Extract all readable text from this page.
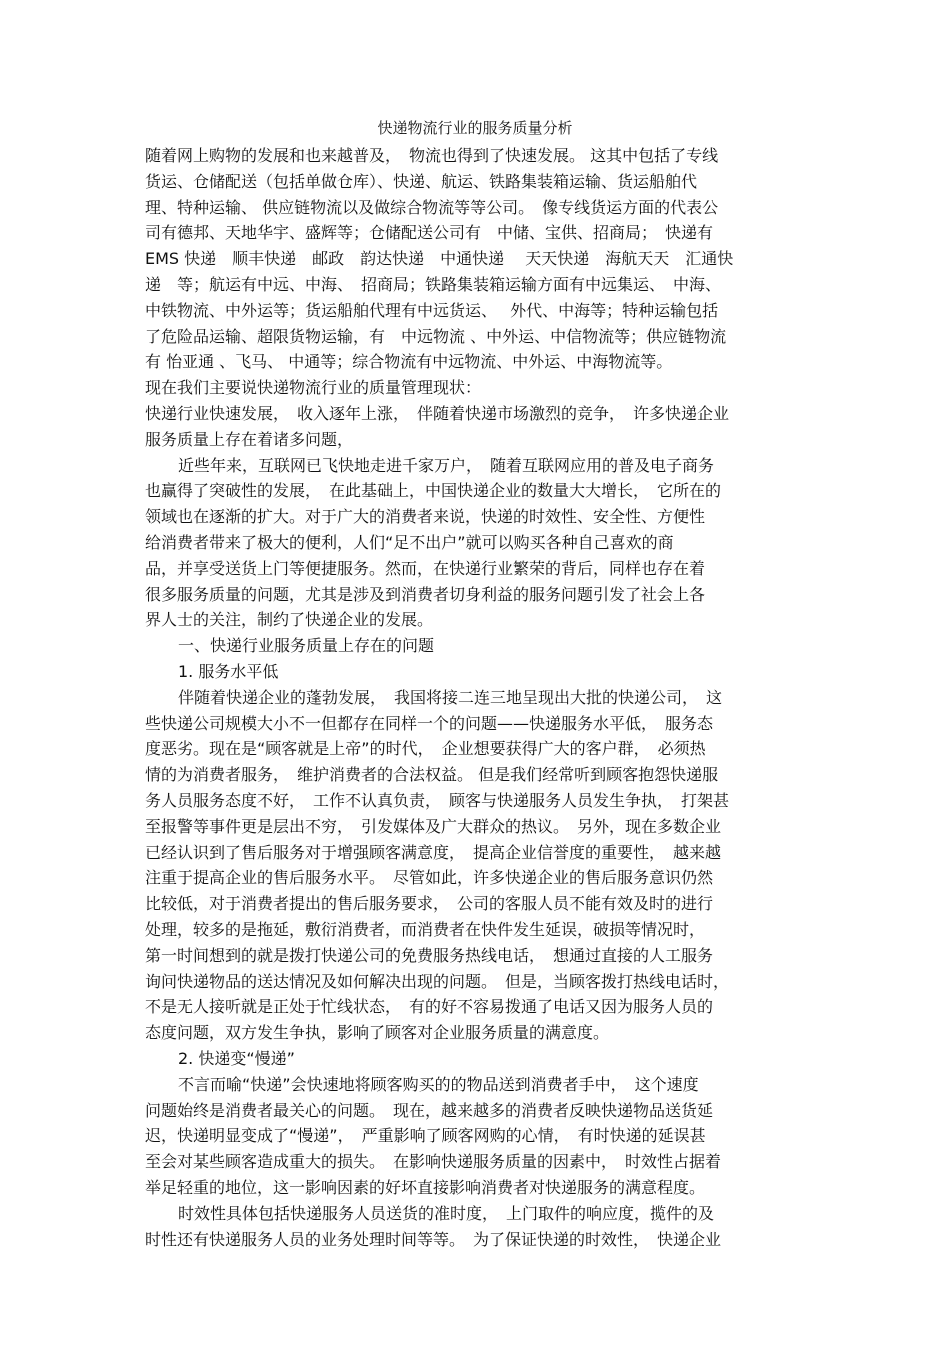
快递物流行业的服务质量分析
随着网上购物的发展和也来越普及，　物流也得到了快速发展。 这其中包括了专线
货运、仓储配送（包括单做仓库）、快递、航运、铁路集装箱运输、货运船舶代
理、特种运输、 供应链物流以及做综合物流等等公司。　像专线货运方面的代表公
司有德邦、天地华宇、盛辉等；仓储配送公司有　中储、宝供、招商局；　快递有
EMS 快递　顺丰快递　邮政　韵达快递　中通快递　 天天快递　海航天天　汇通快
递　等；航运有中远、中海、　招商局；铁路集装箱运输方面有中远集运、　中海、
中铁物流、中外运等；货运船舶代理有中远货运、　 外代、中海等；特种运输包括
了危险品运输、超限货物运输，有　中远物流 、中外运、中信物流等；供应链物流
有 怡亚通 、飞马、 中通等；综合物流有中远物流、中外运、中海物流等。
现在我们主要说快递物流行业的质量管理现状：
快递行业快速发展，　收入逐年上涨，　伴随着快递市场激烈的竞争，　许多快递企业
服务质量上存在着诸多问题，
近些年来，互联网已飞快地走进千家万户，　随着互联网应用的普及电子商务
也赢得了突破性的发展，　在此基础上，中国快递企业的数量大大增长，　它所在的
领域也在逐渐的扩大。对于广大的消费者来说，快递的时效性、安全性、方便性
给消费者带来了极大的便利，人们“足不出户”就可以购买各种自己喜欢的商
品，并享受送货上门等便捷服务。然而，在快递行业繁荣的背后，同样也存在着
很多服务质量的问题，尤其是涉及到消费者切身利益的服务问题引发了社会上各
界人士的关注，制约了快递企业的发展。
一、快递行业服务质量上存在的问题
1. 服务水平低
伴随着快递企业的蓬勃发展，　我国将接二连三地呈现出大批的快递公司，　这
些快递公司规模大小不一但都存在同样一个的问题——快递服务水平低，　服务态
度恶劣。现在是“顾客就是上帝”的时代，　企业想要获得广大的客户群，　必须热
情的为消费者服务，　维护消费者的合法权益。 但是我们经常听到顾客抱怨快递服
务人员服务态度不好，　工作不认真负责，　顾客与快递服务人员发生争执，　打架甚
至报警等事件更是层出不穷，　引发媒体及广大群众的热议。　另外，现在多数企业
已经认识到了售后服务对于增强顾客满意度，　提高企业信誉度的重要性，　越来越
注重于提高企业的售后服务水平。　尽管如此，许多快递企业的售后服务意识仍然
比较低，对于消费者提出的售后服务要求，　公司的客服人员不能有效及时的进行
处理，较多的是拖延，敷衍消费者，而消费者在快件发生延误，破损等情况时，
第一时间想到的就是拨打快递公司的免费服务热线电话，　想通过直接的人工服务
询问快递物品的送达情况及如何解决出现的问题。　但是，当顾客拨打热线电话时，
不是无人接听就是正处于忙线状态，　有的好不容易拨通了电话又因为服务人员的
态度问题，双方发生争执，影响了顾客对企业服务质量的满意度。
2. 快递变“慢递”
不言而喻“快递”会快速地将顾客购买的的物品送到消费者手中，　这个速度
问题始终是消费者最关心的问题。　现在，越来越多的消费者反映快递物品送货延
迟，快递明显变成了“慢递”，　严重影响了顾客网购的心情，　有时快递的延误甚
至会对某些顾客造成重大的损失。　在影响快递服务质量的因素中，　时效性占据着
举足轻重的地位，这一影响因素的好坏直接影响消费者对快递服务的满意程度。
时效性具体包括快递服务人员送货的准时度，　上门取件的响应度，揽件的及
时性还有快递服务人员的业务处理时间等等。　为了保证快递的时效性，　快递企业
